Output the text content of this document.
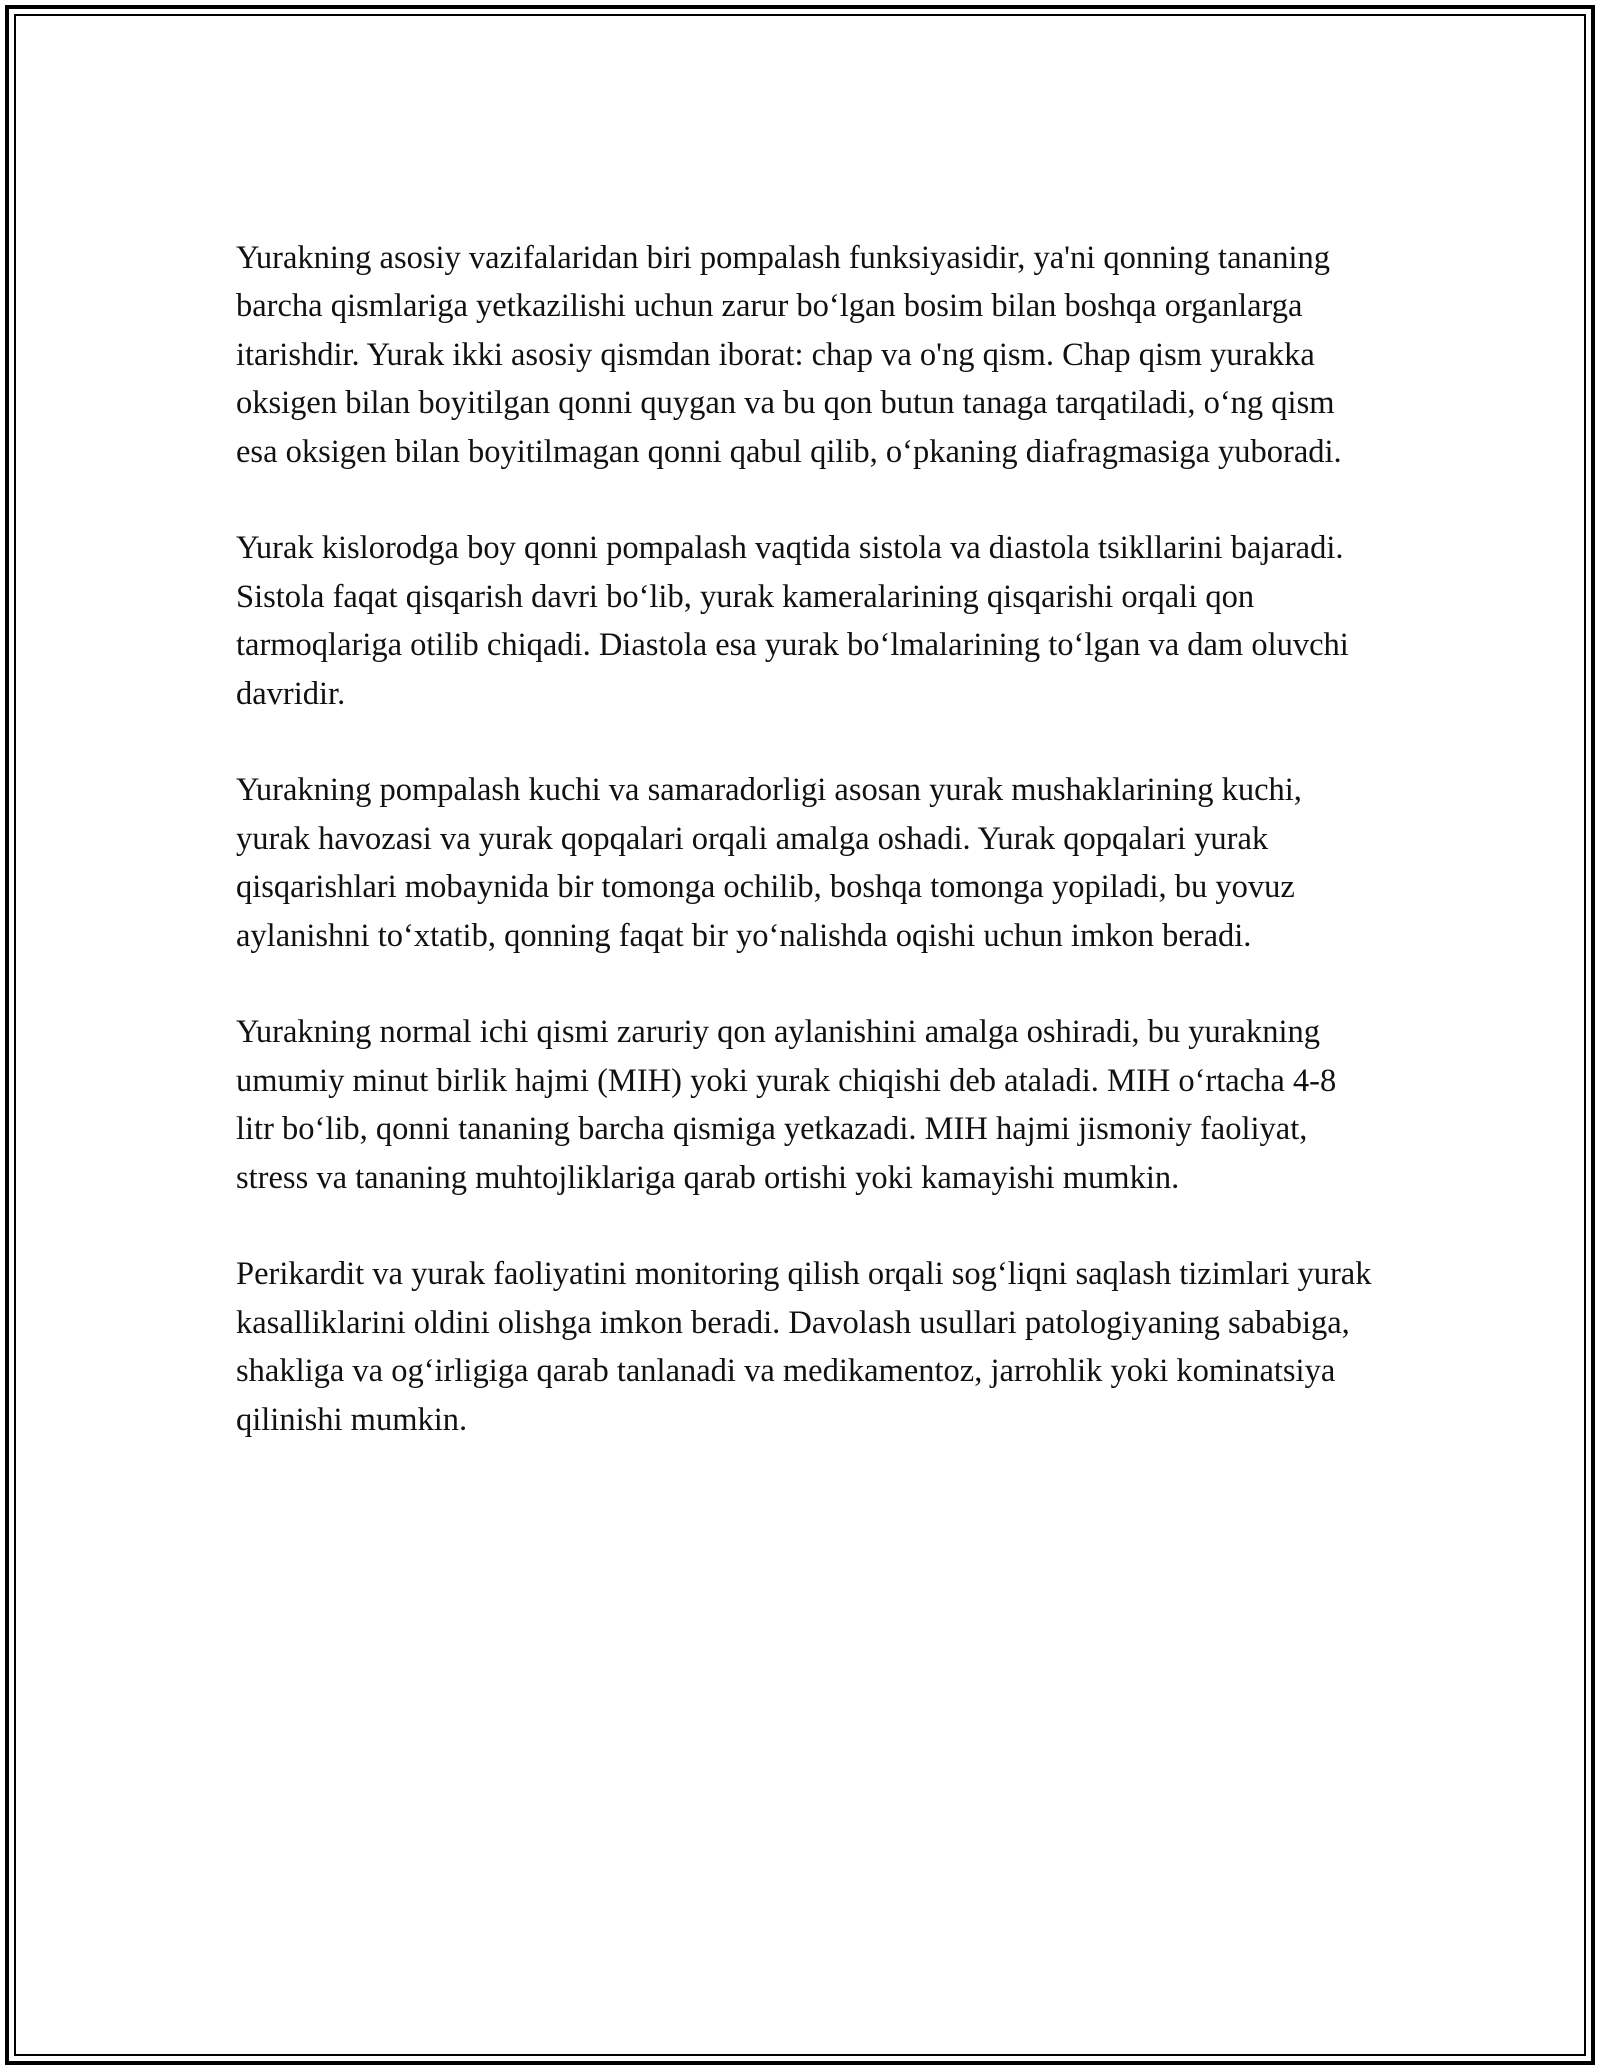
Yurakning asosiy vazifalaridan biri pompalash funksiyasidir, ya'ni qonning tananing barcha qismlariga yetkazilishi uchun zarur bo‘lgan bosim bilan boshqa organlarga itarishdir. Yurak ikki asosiy qismdan iborat: chap va o'ng qism. Chap qism yurakka oksigen bilan boyitilgan qonni quygan va bu qon butun tanaga tarqatiladi, o‘ng qism esa oksigen bilan boyitilmagan qonni qabul qilib, o‘pkaning diafragmasiga yuboradi.

Yurak kislorodga boy qonni pompalash vaqtida sistola va diastola tsikllarini bajaradi. Sistola faqat qisqarish davri bo‘lib, yurak kameralarining qisqarishi orqali qon tarmoqlariga otilib chiqadi. Diastola esa yurak bo‘lmalarining to‘lgan va dam oluvchi davridir.

Yurakning pompalash kuchi va samaradorligi asosan yurak mushaklarining kuchi, yurak havozasi va yurak qopqalari orqali amalga oshadi. Yurak qopqalari yurak qisqarishlari mobaynida bir tomonga ochilib, boshqa tomonga yopiladi, bu yovuz aylanishni to‘xtatib, qonning faqat bir yo‘nalishda oqishi uchun imkon beradi.

Yurakning normal ichi qismi zaruriy qon aylanishini amalga oshiradi, bu yurakning umumiy minut birlik hajmi (MIH) yoki yurak chiqishi deb ataladi. MIH o‘rtacha 4-8 litr bo‘lib, qonni tananing barcha qismiga yetkazadi. MIH hajmi jismoniy faoliyat, stress va tananing muhtojliklariga qarab ortishi yoki kamayishi mumkin.

Perikardit va yurak faoliyatini monitoring qilish orqali sog‘liqni saqlash tizimlari yurak kasalliklarini oldini olishga imkon beradi. Davolash usullari patologiyaning sababiga, shakliga va og‘irligiga qarab tanlanadi va medikamentoz, jarrohlik yoki kominatsiya qilinishi mumkin.
